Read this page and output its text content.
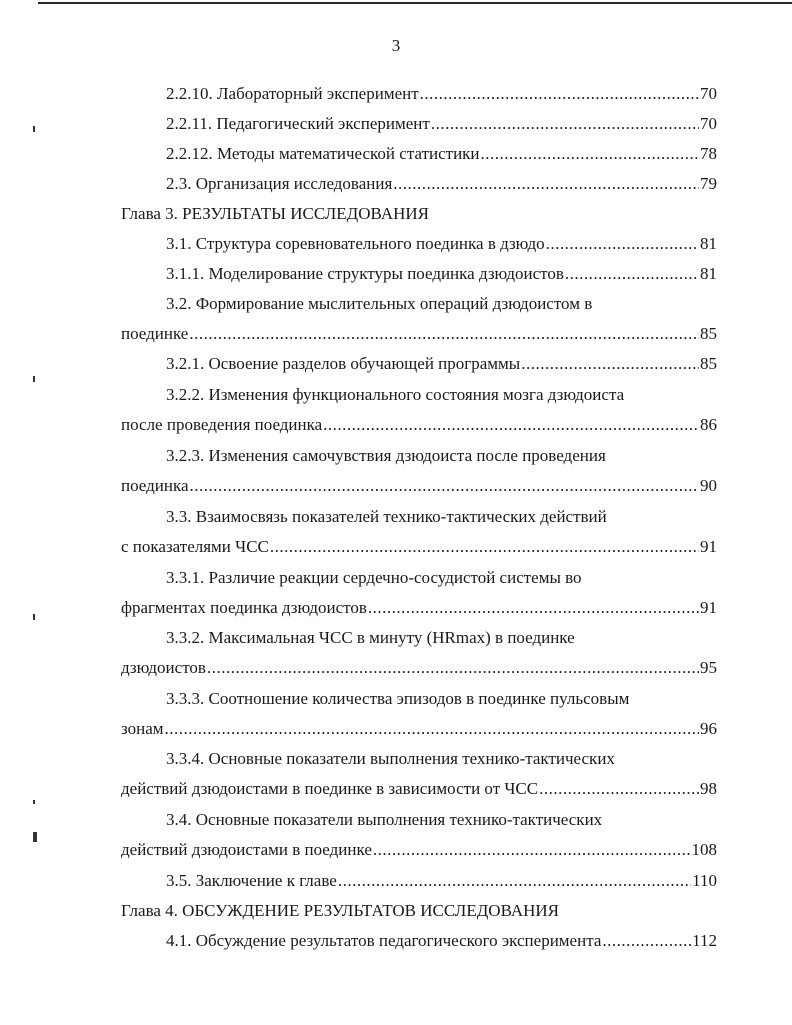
3
2.2.10. Лабораторный эксперимент .....	70
2.2.11. Педагогический эксперимент .....	70
2.2.12. Методы математической статистики .....	78
2.3. Организация исследования .....	79
Глава 3. РЕЗУЛЬТАТЫ ИССЛЕДОВАНИЯ
3.1. Структура соревновательного поединка в дзюдо .....	81
3.1.1. Моделирование структуры поединка дзюдоистов .....	81
3.2. Формирование мыслительных операций дзюдоистом в
поединке .....	85
3.2.1. Освоение разделов обучающей программы .....	85
3.2.2. Изменения функционального состояния мозга дзюдоиста
после проведения поединка .....	86
3.2.3. Изменения самочувствия дзюдоиста после проведения
поединка .....	90
3.3. Взаимосвязь показателей технико-тактических действий
с показателями ЧСС .....	91
3.3.1. Различие реакции сердечно-сосудистой системы во
фрагментах поединка дзюдоистов .....	91
3.3.2. Максимальная ЧСС в минуту (HRmax) в поединке
дзюдоистов .....	95
3.3.3. Соотношение количества эпизодов в поединке пульсовым
зонам .....	96
3.3.4. Основные показатели выполнения технико-тактических
действий дзюдоистами в поединке в зависимости от ЧСС .....	98
3.4. Основные показатели выполнения технико-тактических
действий дзюдоистами в поединке .....	108
3.5. Заключение к главе .....	110
Глава 4. ОБСУЖДЕНИЕ РЕЗУЛЬТАТОВ ИССЛЕДОВАНИЯ
4.1. Обсуждение результатов педагогического эксперимента .....	112
